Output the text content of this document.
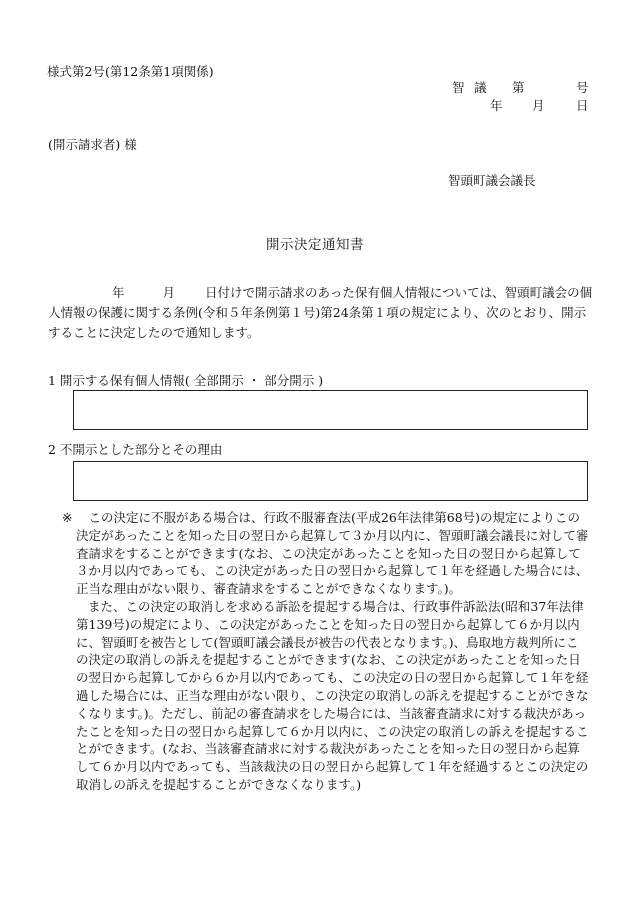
様式第2号(第12条第1項関係)
智 議 第	号
年 月	日
(開示請求者) 様
智頭町議会議長
開示決定通知書
年	月 日付けで開示請求のあった保有個人情報については、智頭町議会の個人情報の保護に関する条例(令和５年条例第１号)第24条第１項の規定により、次のとおり、開示することに決定したので通知します。
1 開示する保有個人情報( 全部開示 ・ 部分開示 )
2 不開示とした部分とその理由

※ この決定に不服がある場合は、行政不服審査法(平成26年法律第68号)の規定によりこの決定があったことを知った日の翌日から起算して３か月以内に、智頭町議会議長に対して審査請求をすることができます(なお、この決定があったことを知った日の翌日から起算して３か月以内であっても、この決定があった日の翌日から起算して１年を経過した場合には、正当な理由がない限り、審査請求をすることができなくなります。)。

また、この決定の取消しを求める訴訟を提起する場合は、行政事件訴訟法(昭和37年法律第139号)の規定により、この決定があったことを知った日の翌日から起算して６か月以内に、智頭町を被告として(智頭町議会議長が被告の代表となります。)、鳥取地方裁判所にこの決定の取消しの訴えを提起することができます(なお、この決定があったことを知った日の翌日から起算してから６か月以内であっても、この決定の日の翌日から起算して１年を経過した場合には、正当な理由がない限り、この決定の取消しの訴えを提起することができなくなります。)。ただし、前記の審査請求をした場合には、当該審査請求に対する裁決があったことを知った日の翌日から起算して６か月以内に、この決定の取消しの訴えを提起することができます。(なお、当該審査請求に対する裁決があったことを知った日の翌日から起算して６か月以内であっても、当該裁決の日の翌日から起算して１年を経過するとこの決定の取消しの訴えを提起することができなくなります。)
